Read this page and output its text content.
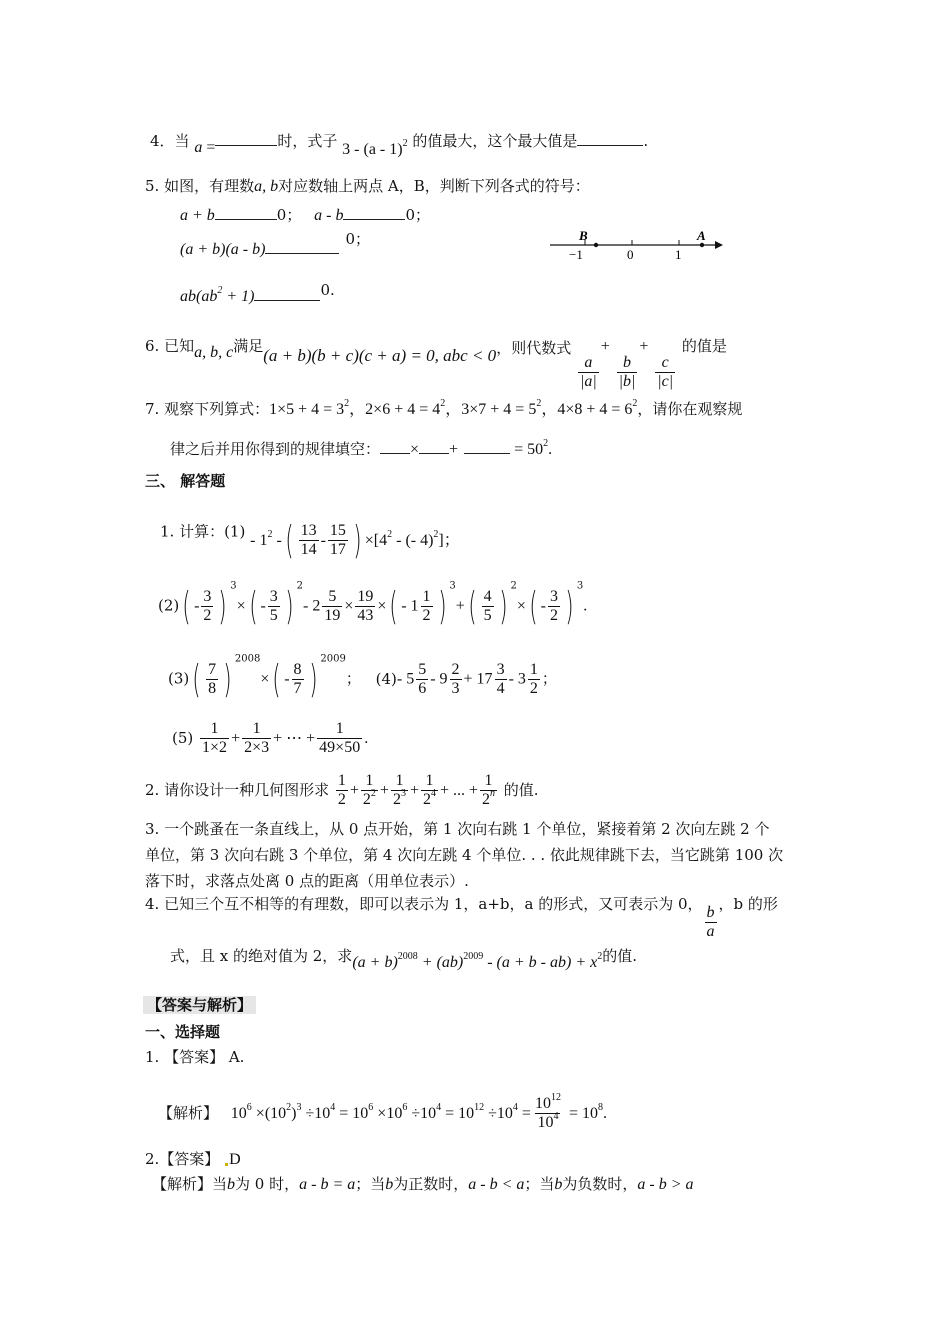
4．当 a =	时，式子 3 - (a - 1)$^2$ 的值最大，这个最大值是	.
5. 如图，有理数a, b对应数轴上两点 A，B，判断下列各式的符号：
a + b	0； a - b	0；
(a + b)(a - b)0；
$ab(ab^2 + 1)$	0.
B	A
−1	0	1
6. 已知a, b, c满足(a + b)(b + c)(c + a) = 0, abc < 0，则代数式
$\frac{a}{|a|}$
+
$\frac{b}{|b|}$
+
$\frac{c}{|c|}$
的值是
7. 观察下列算式：$1\times 5 + 4 = 3^2$，$2\times 6 + 4 = 4^2$，$3\times 7 + 4 = 5^2$，$4\times 8 + 4 = 6^2$，请你在观察规
律之后并用你得到的规律填空： × +	= $50^2$.
三、 解答题
1. 计算：$(1) - 1^2$ -( $\frac{13}{14} - \frac{15}{17}$ ) $\times[4^2$ - (- 4)$^2$]；
$(2)( - \frac{3}{2}$ ) $^3\times( - \frac{3}{5}$ ) $^2$- $2 \frac{5}{19} \times \frac{19}{43}$ ×( - $1 \frac{1}{2}$ ) $^3+( \frac{4}{5}$ ) $^2\times( - \frac{3}{2}$ ) $^3$.
$(3)( \frac{7}{8}$ ) $^{2008}\times( - \frac{8}{7}$ ) $^{2009}$； (4)- $5 \frac{5}{6} - 9 \frac{2}{3} + 17 \frac{3}{4} - 3 \frac{1}{2}$ ；
$(5) \frac{1}{1\times 2} + \frac{1}{2\times 3}$ + ⋯ + $\frac{1}{49\times 50}$ .
2. 请你设计一种几何图形求 $\frac{1}{2} + \frac{1}{2^2} + \frac{1}{2^3} + \frac{1}{2^4}$ + ... + $\frac{1}{2^n}$ 的值.
3. 一个跳蚤在一条直线上，从 0 点开始，第 1 次向右跳 1 个单位，紧接着第 2 次向左跳 2 个
单位，第 3 次向右跳 3 个单位，第 4 次向左跳 4 个单位. . . 依此规律跳下去，当它跳第 100 次
落下时，求落点处离 0 点的距离（用单位表示）.
4. 已知三个互不相等的有理数，即可以表示为 1，a+b，a 的形式，又可表示为 0， $\frac{b}{a}$ ，b 的形
式，且 x 的绝对值为 2，求$(a + b)^{2008} + (ab)^{2009} - (a + b - ab) + x^2$的值.
【答案与解析】
一、选择题
1. 【答案】 A.
【解析】 $10^6 \times(10^2)^3 \div 10^4 = 10^6 \times 10^6 \div 10^4 = 10^{12} \div 10^4 = \frac{10^{12}}{10^4} = 10^8$.
2.【答案】 D
【解析】当b为 0 时，a - b = a；当b为正数时，a - b < a；当b为负数时，a - b > a
